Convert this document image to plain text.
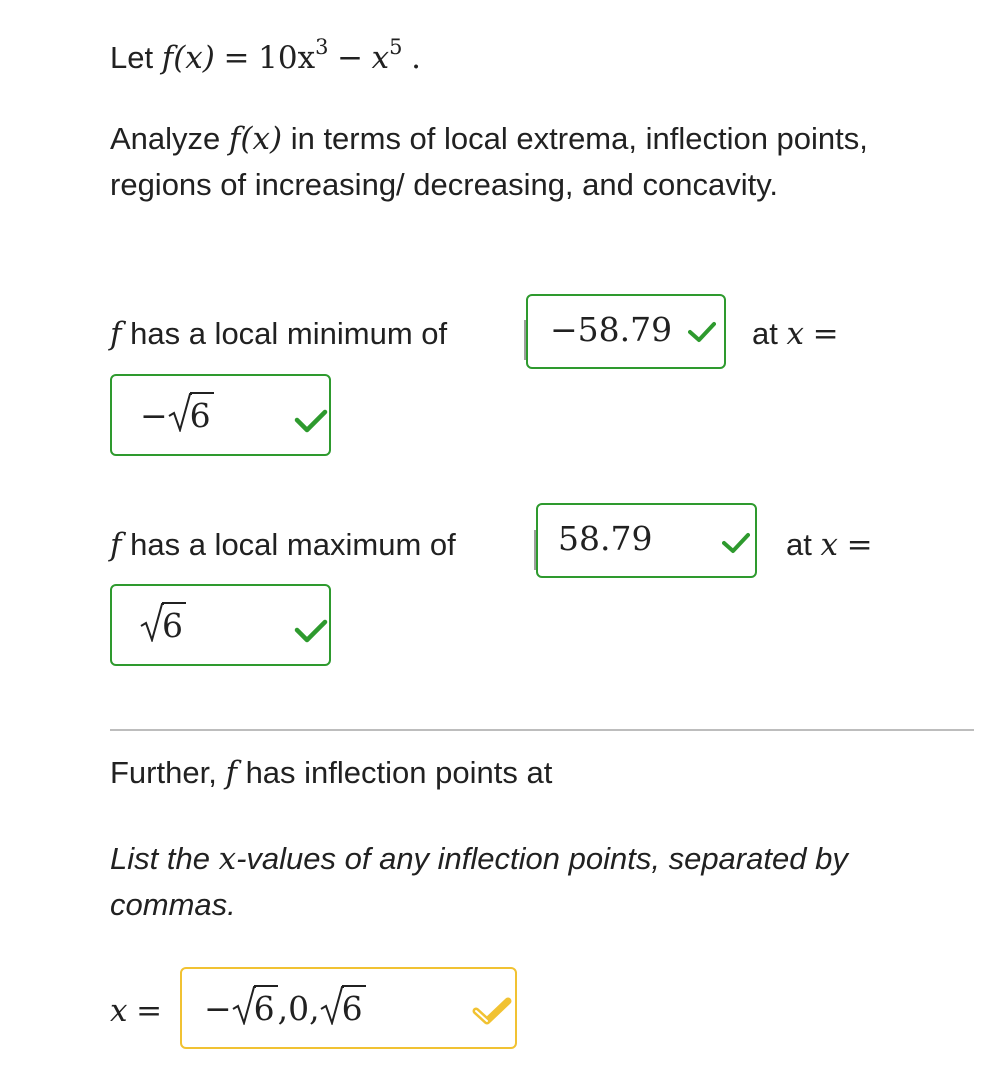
Let $f(x) = 10x^3 - x^5$ .
Analyze f(x) in terms of local extrema, inflection points, regions of increasing/ decreasing, and concavity.
f has a local minimum of	−58.79	at x =
− 6
f has a local maximum of	58.79	at x =
6
Further, f has inflection points at
List the x-values of any inflection points, separated by commas.
x = − 6,0, 6
